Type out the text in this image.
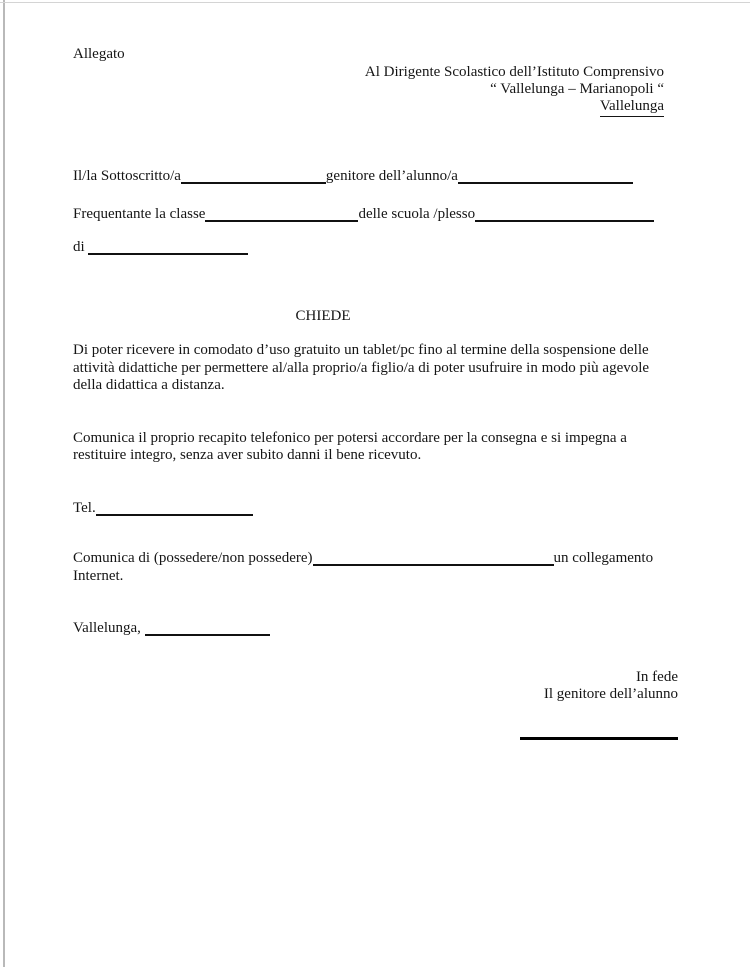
Allegato
Al Dirigente Scolastico dell’Istituto Comprensivo
“ Vallelunga – Marianopoli “
Vallelunga
Il/la Sottoscritto/a	genitore dell’alunno/a
Frequentante la classe	delle scuola /plesso
di
CHIEDE
Di poter ricevere in comodato d’uso gratuito un tablet/pc fino al termine della sospensione delle attività didattiche per permettere al/alla proprio/a figlio/a di poter usufruire in modo più agevole della didattica a distanza.
Comunica il proprio recapito telefonico per potersi accordare per la consegna e si impegna a restituire integro, senza aver subito danni il bene ricevuto.
Tel.
Comunica di (possedere/non possedere)	un collegamento
Internet.
Vallelunga,
In fede
Il genitore dell’alunno
